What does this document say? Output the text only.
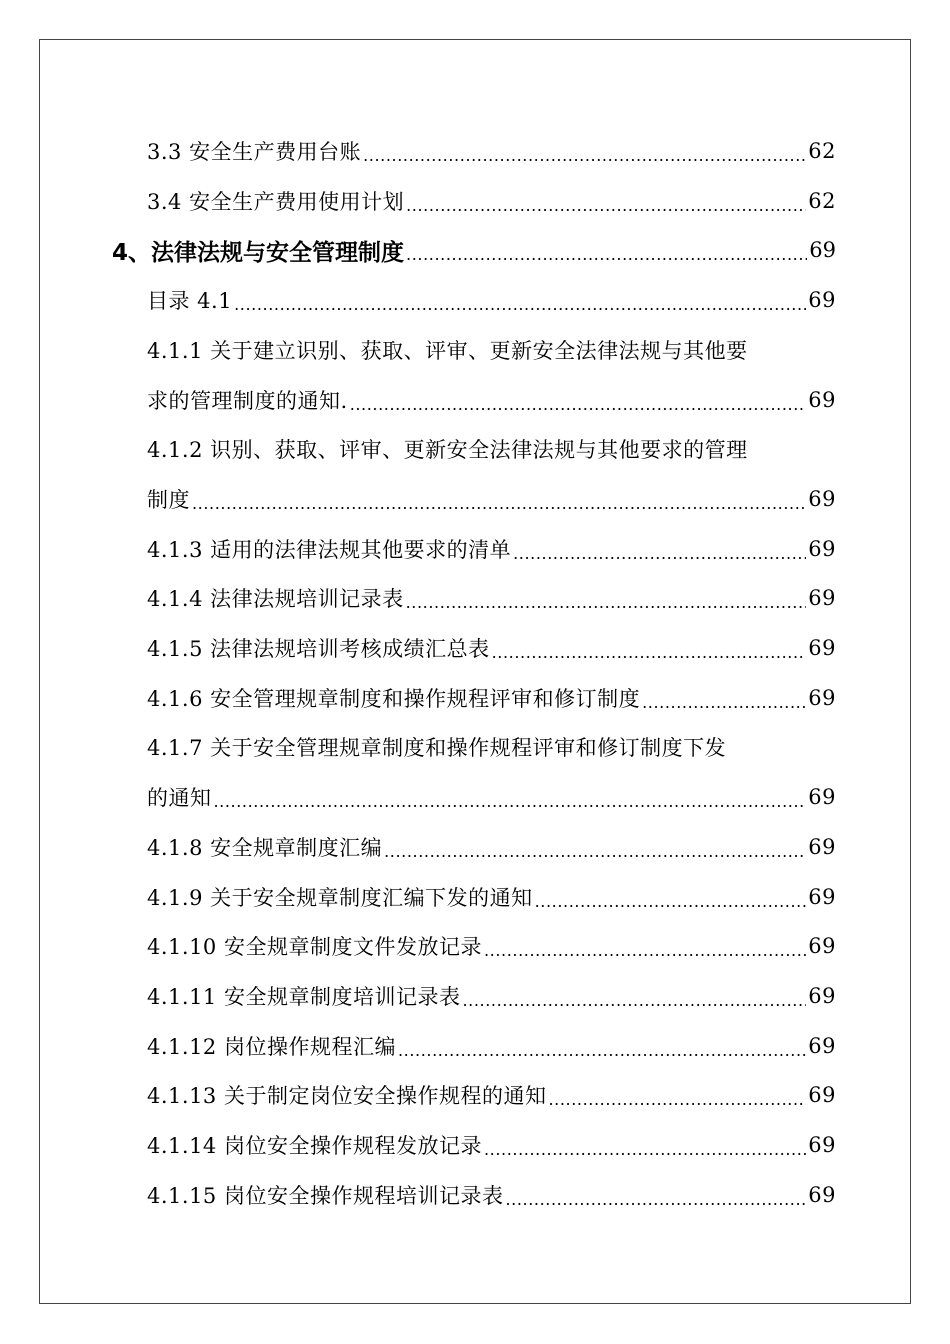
3.3 安全生产费用台账 .....	62
3.4 安全生产费用使用计划 .....	62
4、法律法规与安全管理制度 .....	69
目录 4.1 .....	69
4.1.1 关于建立识别、获取、评审、更新安全法律法规与其他要
求的管理制度的通知. .....	69
4.1.2 识别、获取、评审、更新安全法律法规与其他要求的管理
制度 .....	69
4.1.3 适用的法律法规其他要求的清单 .....	69
4.1.4 法律法规培训记录表 .....	69
4.1.5 法律法规培训考核成绩汇总表 .....	69
4.1.6 安全管理规章制度和操作规程评审和修订制度 .....	69
4.1.7 关于安全管理规章制度和操作规程评审和修订制度下发
的通知 .....	69
4.1.8 安全规章制度汇编 .....	69
4.1.9 关于安全规章制度汇编下发的通知 .....	69
4.1.10 安全规章制度文件发放记录 .....	69
4.1.11 安全规章制度培训记录表 .....	69
4.1.12 岗位操作规程汇编 .....	69
4.1.13 关于制定岗位安全操作规程的通知 .....	69
4.1.14 岗位安全操作规程发放记录 .....	69
4.1.15 岗位安全操作规程培训记录表 .....	69
